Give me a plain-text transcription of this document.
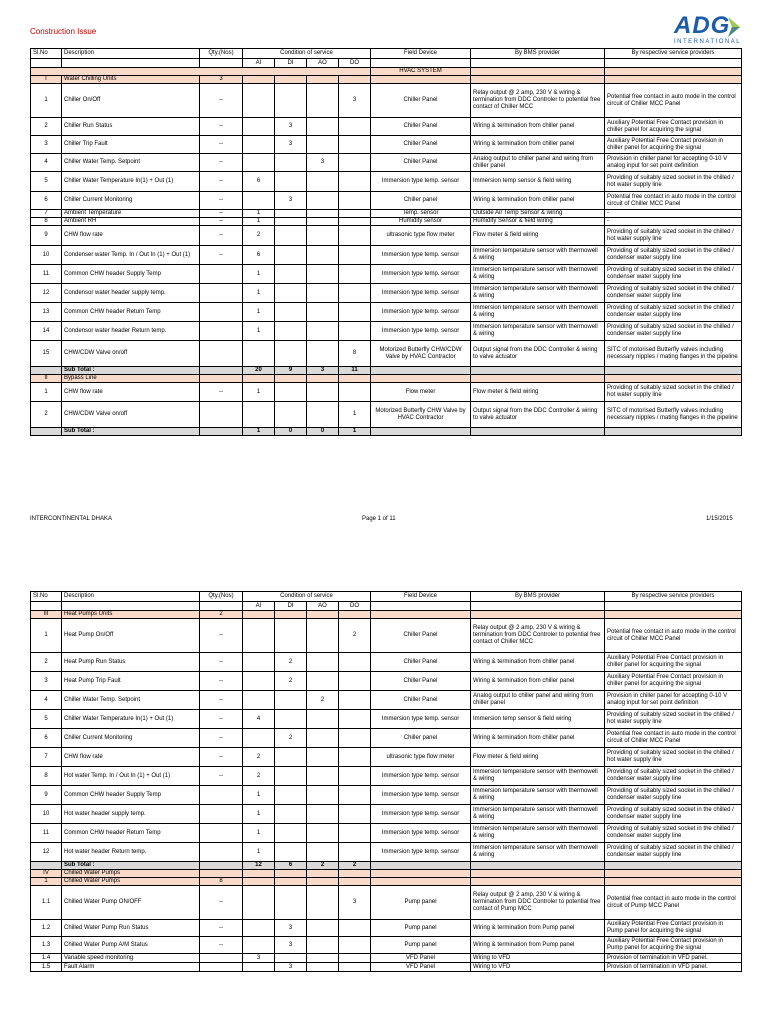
Construction Issue	ADG
INTERNATIONAL
Sl.No	Description	Qty.(Nos)	Condition of service				Field Device	By BMS provider	By respective service providers
			AI	DI	AO	DO			
							HVAC SYSTEM		
I	Water Chilling Units	3							
1	Chiller On/Off	--				3	Chiller Panel	Relay output @ 2 amp, 230 V & wiring & termination from DDC Controler to potential free contact of Chiller MCC	Potential free contact in auto mode in the control circuit of Chiller MCC Panel
2	Chiller Run Status	--		3			Chiller Panel	Wiring & termination from chiller panel	Auxiliary Potential Free Contact provision in chiller panel for acquiring the signal
3	Chiller Trip Fault	--		3			Chiller Panel	Wiring & termination from chiller panel	Auxiliary Potential Free Contact provision in chiller panel for acquiring the signal
4	Chiller Water Temp. Setpoint	--			3		Chiller Panel	Analog output to chiller panel and wiring from chiller panel	Provision in chiller panel for accepting 0-10 V analog input for set point definition
5	Chiller Water Temperature In(1) + Out (1)	--	6				Immersion type temp. sensor	Immersion temp sensor & field wiring	Providing of suitably sized socket in the chilled / hot water supply line
6	Chiller Current Monitoring	--		3			Chiller panel	Wiring & termination from chiller panel	Potential free contact in auto mode in the control circuit of Chiller MCC Panel
7	Ambient Temperature	--	1				Temp. sensor	Outside Air Temp Sensor & wiring	-
8	Ambient RH	--	1				Humidity sensor	Humidity Sensor & field wiring	-
9	CHW flow rate	--	2				ultrasonic type flow meter	Flow meter & field wiring	Providing of suitably sized socket in the chilled / hot water supply line
10	Condenser water Temp. In / Out In (1) + Out (1)	--	6				Immersion type temp. sensor	Immersion temperature sensor with thermowell & wiring	Providing of suitably sized socket in the chilled / condenser water supply line
11	Common CHW header Supply Temp		1				Immersion type temp. sensor	Immersion temperature sensor with thermowell & wiring	Providing of suitably sized socket in the chilled / condenser water supply line
12	Condensor water header supply temp.		1				Immersion type temp. sensor	Immersion temperature sensor with thermowell & wiring	Providing of suitably sized socket in the chilled / condenser water supply line
13	Common CHW header Return Temp		1				Immersion type temp. sensor	Immersion temperature sensor with thermowell & wiring	Providing of suitably sized socket in the chilled / condenser water supply line
14	Condensor water header Return temp.		1				Immersion type temp. sensor	Immersion temperature sensor with thermowell & wiring	Providing of suitably sized socket in the chilled / condenser water supply line
15	CHW/CDW Valve on/off					8	Motorized Butterfly CHW/CDW Valve by HVAC Contractor	Output signal from the DDC Controller & wiring to valve actuator	SITC of motorised Butterfly valves including necessary nipples / mating flanges in the pipeline
	Sub Total :		20	9	3	11			
II	Bypass Line								
1	CHW flow rate	--	1				Flow meter	Flow meter & field wiring	Providing of suitably sized socket in the chilled / hot water supply line
2	CHW/CDW Valve on/off					1	Motorized Butterfly CHW Valve by HVAC Contractor	Output signal from the DDC Controller & wiring to valve actuator	SITC of motorised Butterfly valves including necessary nipples / mating flanges in the pipeline
	Sub Total :		1	0	0	1			
INTERCONTINENTAL DHAKA	Page 1 of 11	1/15/2015
Sl.No	Description	Qty.(Nos)	Condition of service				Field Device	By BMS provider	By respective service providers
			AI	DI	AO	DO			
III	Heat Pumps Units	2							
1	Heat Pump On/Off	--				2	Chiller Panel	Relay output @ 2 amp, 230 V & wiring & termination from DDC Controler to potential free contact of Chiller MCC	Potential free contact in auto mode in the control circuit of Chiller MCC Panel
2	Heat Pump Run Status	--		2			Chiller Panel	Wiring & termination from chiller panel	Auxiliary Potential Free Contact provision in chiller panel for acquiring the signal
3	Heat Pump Trip Fault	--		2			Chiller Panel	Wiring & termination from chiller panel	Auxiliary Potential Free Contact provision in chiller panel for acquiring the signal
4	Chiller Water Temp. Setpoint	--			2		Chiller Panel	Analog output to chiller panel and wiring from chiller panel	Provision in chiller panel for accepting 0-10 V analog input for set point definition
5	Chiller Water Temperature In(1) + Out (1)	--	4				Immersion type temp. sensor	Immersion temp sensor & field wiring	Providing of suitably sized socket in the chilled / hot water supply line
6	Chiller Current Monitoring	--		2			Chiller panel	Wiring & termination from chiller panel	Potential free contact in auto mode in the control circuit of Chiller MCC Panel
7	CHW flow rate	--	2				ultrasonic type flow meter	Flow meter & field wiring	Providing of suitably sized socket in the chilled / hot water supply line
8	Hot water Temp. In / Out In (1) + Out (1)	--	2				Immersion type temp. sensor	Immersion temperature sensor with thermowell & wiring	Providing of suitably sized socket in the chilled / condenser water supply line
9	Common CHW header Supply Temp		1				Immersion type temp. sensor	Immersion temperature sensor with thermowell & wiring	Providing of suitably sized socket in the chilled / condenser water supply line
10	Hot water header supply temp.		1				Immersion type temp. sensor	Immersion temperature sensor with thermowell & wiring	Providing of suitably sized socket in the chilled / condenser water supply line
11	Common CHW header Return Temp		1				Immersion type temp. sensor	Immersion temperature sensor with thermowell & wiring	Providing of suitably sized socket in the chilled / condenser water supply line
12	Hot water header Return temp.		1				Immersion type temp. sensor	Immersion temperature sensor with thermowell & wiring	Providing of suitably sized socket in the chilled / condenser water supply line
	Sub Total :		12	6	2	2			
IV	Chilled Water Pumps								
1	Chilled Water Pumps	8							
1.1	Chilled Water Pump ON/OFF	--				3	Pump panel	Relay output @ 2 amp, 230 V & wiring & termination from DDC Controler to potential free contact of Pump MCC	Potential free contact in auto mode in the control circuit of Pump MCC Panel
1.2	Chilled Water Pump Run Status	--		3			Pump panel	Wiring & termination from Pump panel	Auxiliary Potential Free Contact provision in Pump panel for acquiring the signal
1.3	Chilled Water Pump A/M Status	--		3			Pump panel	Wiring & termination from Pump panel	Auxiliary Potential Free Contact provision in Pump panel for acquiring the signal
1.4	Variable speed monitoring		3				VFD Panel	Wiring to VFD	Provision of termination in VFD panel.
1.5	Fault Alarm			3			VFD Panel	Wiring to VFD	Provision of termination in VFD panel.
